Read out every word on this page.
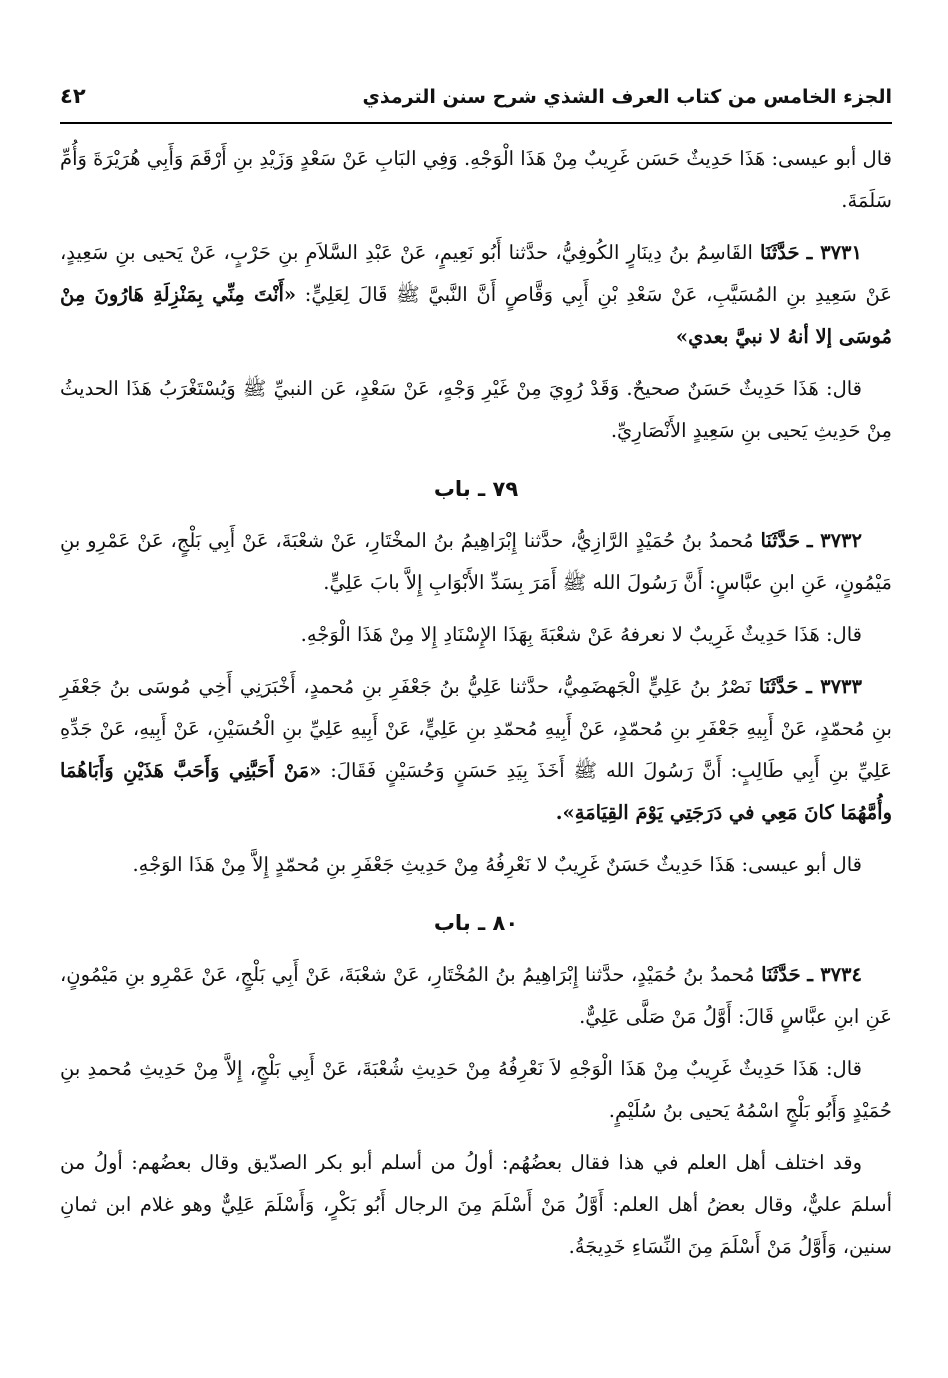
الجزء الخامس من كتاب العرف الشذي شرح سنن الترمذي
٤٢

قال أبو عيسى: هَذَا حَدِيثٌ حَسَن غَرِيبٌ مِنْ هَذَا الْوَجْهِ. وَفِي البَابِ عَنْ سَعْدٍ وَزَيْدِ بنِ أَرْقَمَ وَأَبِي هُرَيْرَةَ وَأُمِّ سَلَمَةَ.

٣٧٣١ ـ حَدَّثَنَا القَاسِمُ بنُ دِينَارٍ الكُوفِيُّ، حدَّثنا أَبُو نَعِيمٍ، عَنْ عَبْدِ السَّلاَمِ بنِ حَرْبٍ، عَنْ يَحيى بنِ سَعِيدٍ، عَنْ سَعِيدِ بنِ المُسَيَّبِ، عَنْ سَعْدِ بْنِ أَبِي وَقَّاصٍ أَنَّ النَّبيَّ ﷺ قَالَ لِعَلِيٍّ: «أَنْتَ مِنِّي بِمَنْزِلَةِ هَارُونَ مِنْ مُوسَى إلا أنهُ لا نبيَّ بعدي»

قال: هَذَا حَدِيثٌ حَسَنٌ صحيحٌ. وَقَدْ رُوِيَ مِنْ غَيْرِ وَجْهٍ، عَنْ سَعْدٍ، عَن النبيِّ ﷺ وَيُسْتَغْرَبُ هَذَا الحديثُ مِنْ حَدِيثِ يَحيى بنِ سَعِيدٍ الأَنْصَارِيِّ.

٧٩ ـ باب

٣٧٣٢ ـ حَدَّثَنَا مُحمدُ بنُ حُمَيْدٍ الرَّازِيُّ، حدَّثنا إِبْرَاهِيمُ بنُ المخْتَارِ، عَنْ شعْبَةَ، عَنْ أَبِي بَلْجٍ، عَنْ عَمْرِو بنِ مَيْمُونٍ، عَنِ ابنِ عبَّاسٍ: أَنَّ رَسُولَ الله ﷺ أَمَرَ بِسَدِّ الأَبْوَابِ إِلاَّ بابَ عَلِيٍّ.

قال: هَذَا حَدِيثٌ غَرِيبٌ لا نعرفهُ عَنْ شعْبَةَ بِهَذَا الإِسْنَادِ إِلا مِنْ هَذَا الْوَجْهِ.

٣٧٣٣ ـ حَدَّثَنَا نَصْرُ بنُ عَلِيٍّ الْجَهضَمِيُّ، حدَّثنا عَلِيُّ بنُ جَعْفَرِ بنِ مُحمدٍ، أَخْبَرَنِي أَخِي مُوسَى بنُ جَعْفَرِ بنِ مُحمّدٍ، عَنْ أَبِيهِ جَعْفَرِ بنِ مُحمّدٍ، عَنْ أَبِيهِ مُحمّدِ بنِ عَلِيٍّ، عَنْ أَبِيهِ عَلِيِّ بنِ الْحُسَيْنِ، عَنْ أَبِيهِ، عَنْ جَدِّهِ عَلِيِّ بنِ أَبِي طَالِبٍ: أَنَّ رَسُولَ الله ﷺ أَخَذَ بِيَدِ حَسَنٍ وَحُسَيْنٍ فَقَالَ: «مَنْ أَحَبَّنِي وَأَحَبَّ هَذَيْنِ وَأَبَاهُمَا وأُمَّهُمَا كانَ مَعِي في دَرَجَتِي يَوْمَ القِيَامَةِ».

قال أبو عيسى: هَذَا حَدِيثٌ حَسَنٌ غَرِيبٌ لا نَعْرِفُهُ مِنْ حَدِيثِ جَعْفَرِ بنِ مُحمّدٍ إِلاَّ مِنْ هَذَا الوَجْهِ.

٨٠ ـ باب

٣٧٣٤ ـ حَدَّثَنَا مُحمدُ بنُ حُمَيْدٍ، حدَّثنا إِبْرَاهِيمُ بنُ المُخْتَارِ، عَنْ شعْبَةَ، عَنْ أَبِي بَلْجٍ، عَنْ عَمْرِو بنِ مَيْمُونٍ، عَنِ ابنِ عبَّاسٍ قَالَ: أَوَّلُ مَنْ صَلَّى عَلِيٌّ.

قال: هَذَا حَدِيثٌ غَرِيبٌ مِنْ هَذَا الْوَجْهِ لاَ نَعْرِفُهُ مِنْ حَدِيثِ شُعْبَةَ، عَنْ أَبِي بَلْجٍ، إِلاَّ مِنْ حَدِيثِ مُحمدِ بنِ حُمَيْدٍ وَأَبُو بَلْجٍ اسْمُهُ يَحيى بنُ سُلَيْمٍ.

وقد اختلف أهل العلم في هذا فقال بعضُهُم: أولُ من أسلم أبو بكر الصدّيق وقال بعضُهم: أولُ من أسلمَ عليٌّ، وقال بعضُ أهل العلم: أَوَّلُ مَنْ أَسْلَمَ مِنَ الرجال أَبُو بَكْرٍ، وَأَسْلَمَ عَلِيٌّ وهو غلام ابن ثمانِ سنين، وَأَوَّلُ مَنْ أَسْلَمَ مِنَ النِّسَاءِ خَدِيجَةُ.
